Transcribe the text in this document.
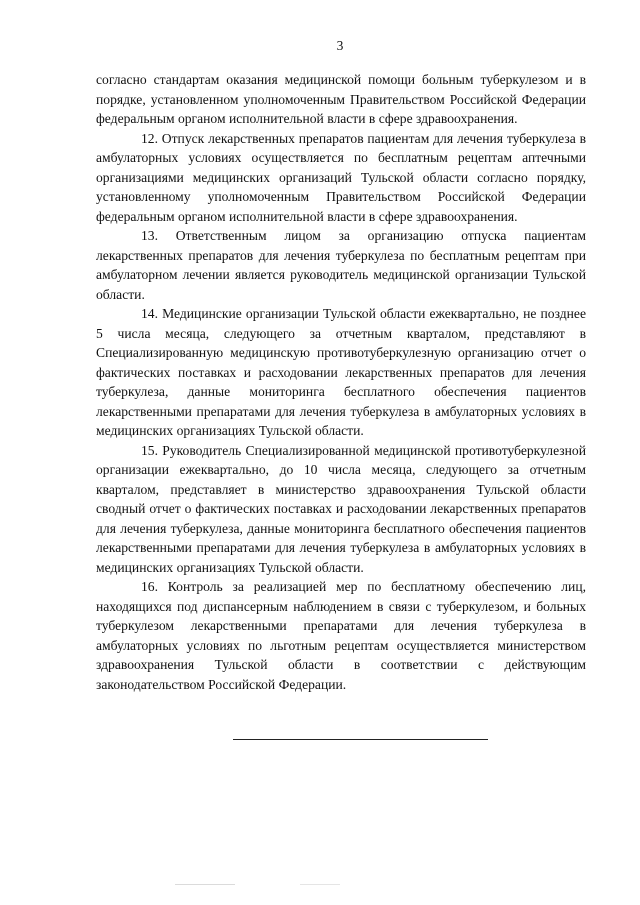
3

согласно стандартам оказания медицинской помощи больным туберкулезом и в порядке, установленном уполномоченным Правительством Российской Федерации федеральным органом исполнительной власти в сфере здравоохранения.

12. Отпуск лекарственных препаратов пациентам для лечения туберкулеза в амбулаторных условиях осуществляется по бесплатным рецептам аптечными организациями медицинских организаций Тульской области согласно порядку, установленному уполномоченным Правительством Российской Федерации федеральным органом исполнительной власти в сфере здравоохранения.

13. Ответственным лицом за организацию отпуска пациентам лекарственных препаратов для лечения туберкулеза по бесплатным рецептам при амбулаторном лечении является руководитель медицинской организации Тульской области.

14. Медицинские организации Тульской области ежеквартально, не позднее 5 числа месяца, следующего за отчетным кварталом, представляют в Специализированную медицинскую противотуберкулезную организацию отчет о фактических поставках и расходовании лекарственных препаратов для лечения туберкулеза, данные мониторинга бесплатного обеспечения пациентов лекарственными препаратами для лечения туберкулеза в амбулаторных условиях в медицинских организациях Тульской области.

15. Руководитель Специализированной медицинской противотуберкулезной организации ежеквартально, до 10 числа месяца, следующего за отчетным кварталом, представляет в министерство здравоохранения Тульской области сводный отчет о фактических поставках и расходовании лекарственных препаратов для лечения туберкулеза, данные мониторинга бесплатного обеспечения пациентов лекарственными препаратами для лечения туберкулеза в амбулаторных условиях в медицинских организациях Тульской области.

16. Контроль за реализацией мер по бесплатному обеспечению лиц, находящихся под диспансерным наблюдением в связи с туберкулезом, и больных туберкулезом лекарственными препаратами для лечения туберкулеза в амбулаторных условиях по льготным рецептам осуществляется министерством здравоохранения Тульской области в соответствии с действующим законодательством Российской Федерации.
